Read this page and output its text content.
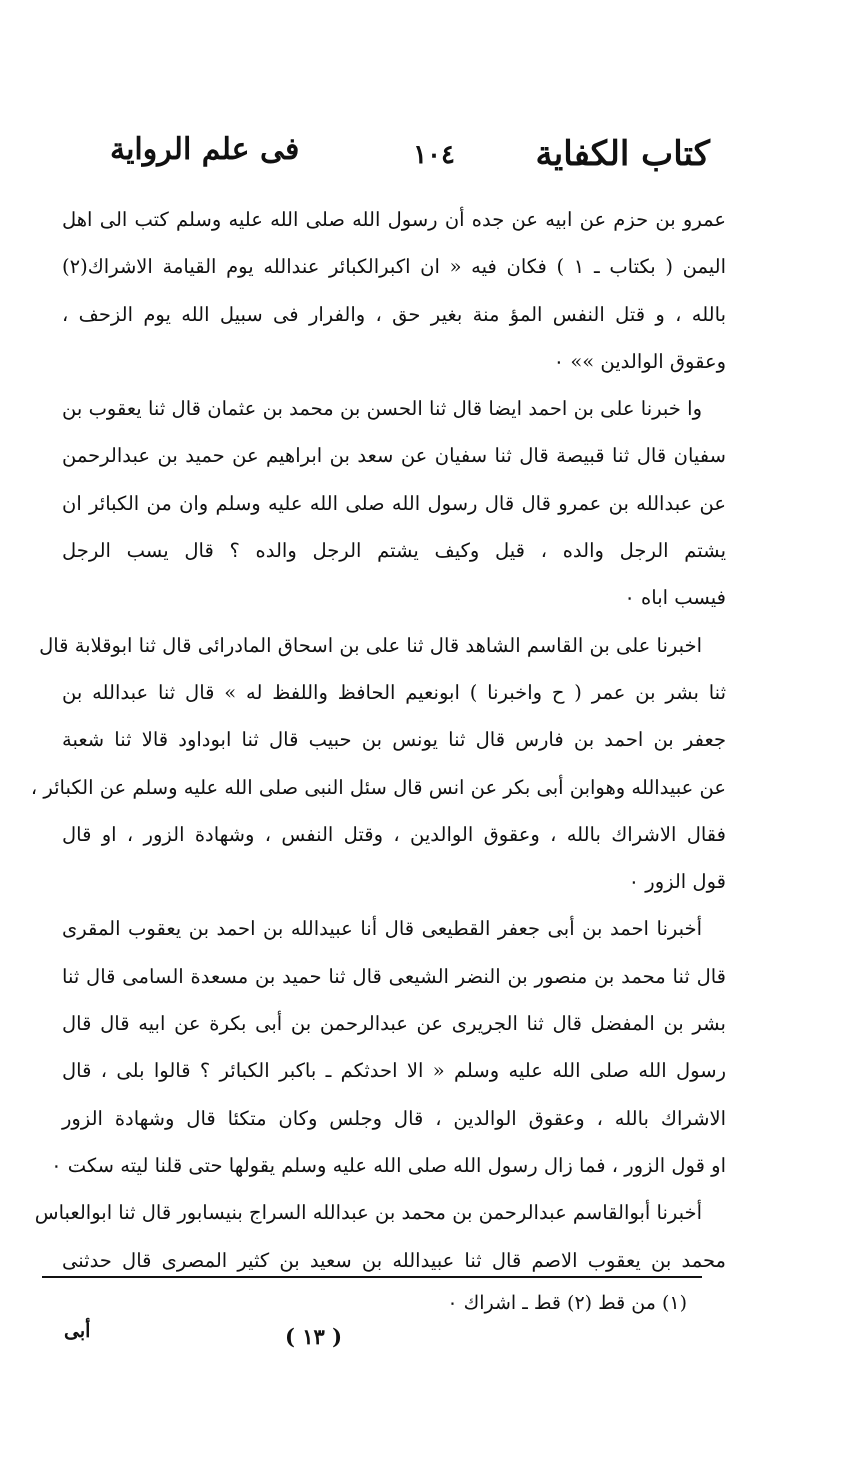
كتاب الكفاية
١٠٤
فى علم الرواية
عمرو بن حزم عن ابيه عن جده أن رسول الله صلى الله عليه وسلم كتب الى اهل
اليمن ( بكتاب ـ ١ ) فكان فيه « ان اكبرالكبائر عندالله يوم القيامة الاشراك(٢)
بالله ، و قتل النفس المؤ منة بغير حق ، والفرار فى سبيل الله يوم الزحف ،
وعقوق الوالدين »» ٠
وا خبرنا على بن احمد ايضا قال ثنا الحسن بن محمد بن عثمان قال ثنا يعقوب بن
سفيان قال ثنا قبيصة قال ثنا سفيان عن سعد بن ابراهيم عن حميد بن عبدالرحمن
عن عبدالله بن عمرو قال قال رسول الله صلى الله عليه وسلم وان من الكبائر ان
يشتم الرجل والده ، قيل وكيف يشتم الرجل والده ؟ قال يسب الرجل
فيسب اباه ٠
اخبرنا على بن القاسم الشاهد قال ثنا على بن اسحاق المادرائى قال ثنا ابوقلابة قال
ثنا بشر بن عمر ( ح واخبرنا ) ابونعيم الحافظ واللفظ له » قال ثنا عبدالله بن
جعفر بن احمد بن فارس قال ثنا يونس بن حبيب قال ثنا ابوداود قالا ثنا شعبة
عن عبيدالله وهوابن أبى بكر عن انس قال سئل النبى صلى الله عليه وسلم عن الكبائر ،
فقال الاشراك بالله ، وعقوق الوالدين ، وقتل النفس ، وشهادة الزور ، او قال
قول الزور ٠
أخبرنا احمد بن أبى جعفر القطيعى قال أنا عبيدالله بن احمد بن يعقوب المقرى
قال ثنا محمد بن منصور بن النضر الشيعى قال ثنا حميد بن مسعدة السامى قال ثنا
بشر بن المفضل قال ثنا الجريرى عن عبدالرحمن بن أبى بكرة عن ابيه قال قال
رسول الله صلى الله عليه وسلم « الا احدثكم ـ باكبر الكبائر ؟ قالوا بلى ، قال
الاشراك بالله ، وعقوق الوالدين ، قال وجلس وكان متكئا قال وشهادة الزور
او قول الزور ، فما زال رسول الله صلى الله عليه وسلم يقولها حتى قلنا ليته سكت ٠
أخبرنا أبوالقاسم عبدالرحمن بن محمد بن عبدالله السراج بنيسابور قال ثنا ابوالعباس
محمد بن يعقوب الاصم قال ثنا عبيدالله بن سعيد بن كثير المصرى قال حدثنى
(١) من قط (٢) قط ـ اشراك ٠
أبى	( ١٣ )
